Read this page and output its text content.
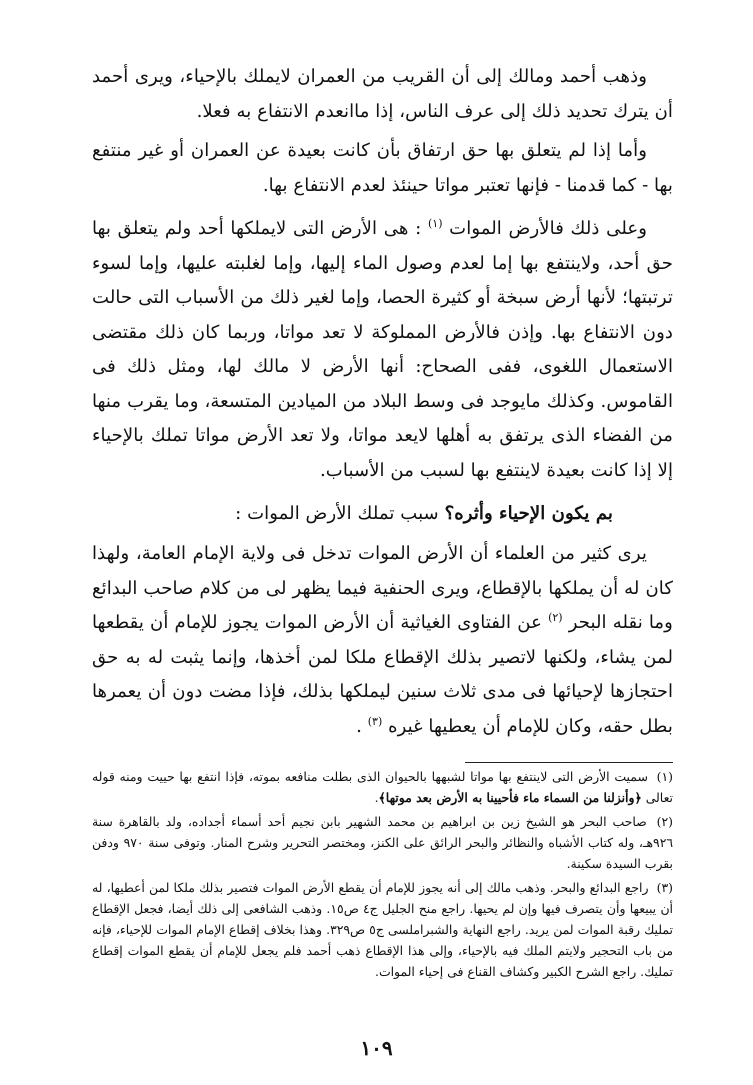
وذهب أحمد ومالك إلى أن القريب من العمران لايملك بالإحياء، ويرى أحمد أن يترك تحديد ذلك إلى عرف الناس، إذا ماانعدم الانتفاع به فعلا.

وأما إذا لم يتعلق بها حق ارتفاق بأن كانت بعيدة عن العمران أو غير منتفع بها - كما قدمنا - فإنها تعتبر مواتا حينئذ لعدم الانتفاع بها.

وعلى ذلك فالأرض الموات $^{(١)}$ : هى الأرض التى لايملكها أحد ولم يتعلق بها حق أحد، ولاينتفع بها إما لعدم وصول الماء إليها، وإما لغلبته عليها، وإما لسوء ترتبتها؛ لأنها أرض سبخة أو كثيرة الحصا، وإما لغير ذلك من الأسباب التى حالت دون الانتفاع بها. وإذن فالأرض المملوكة لا تعد مواتا، وربما كان ذلك مقتضى الاستعمال اللغوى، ففى الصحاح: أنها الأرض لا مالك لها، ومثل ذلك فى القاموس. وكذلك مايوجد فى وسط البلاد من الميادين المتسعة، وما يقرب منها من الفضاء الذى يرتفق به أهلها لايعد مواتا، ولا تعد الأرض مواتا تملك بالإحياء إلا إذا كانت بعيدة لاينتفع بها لسبب من الأسباب.

بم يكون الإحياء وأثره؟ سبب تملك الأرض الموات :

يرى كثير من العلماء أن الأرض الموات تدخل فى ولاية الإمام العامة، ولهذا كان له أن يملكها بالإقطاع، ويرى الحنفية فيما يظهر لى من كلام صاحب البدائع وما نقله البحر $^{(٢)}$ عن الفتاوى الغياثية أن الأرض الموات يجوز للإمام أن يقطعها لمن يشاء، ولكنها لاتصير بذلك الإقطاع ملكا لمن أخذها، وإنما يثبت له به حق احتجازها لإحيائها فى مدى ثلاث سنين ليملكها بذلك، فإذا مضت دون أن يعمرها بطل حقه، وكان للإمام أن يعطيها غيره $^{(٣)}$ .

(١) سميت الأرض التى لاينتفع بها مواتا لشبهها بالحيوان الذى بطلت منافعه بموته، فإذا انتفع بها حييت ومنه قوله تعالى ﴿وأنزلنا من السماء ماء فأحيينا به الأرض بعد موتها﴾.

(٢) صاحب البحر هو الشيخ زين بن ابراهيم بن محمد الشهير بابن نجيم أحد أسماء أجداده، ولد بالقاهرة سنة ٩٢٦هـ، وله كتاب الأشباه والنظائر والبحر الرائق على الكنز، ومختصر التحرير وشرح المنار. وتوفى سنة ٩٧٠ ودفن بقرب السيدة سكينة.

(٣) راجع البدائع والبحر. وذهب مالك إلى أنه يجوز للإمام أن يقطع الأرض الموات فتصير بذلك ملكا لمن أعطيها، له أن يبيعها وأن يتصرف فيها وإن لم يحيها. راجع منح الجليل ج٤ ص١٥. وذهب الشافعى إلى ذلك أيضا، فجعل الإقطاع تمليك رقبة الموات لمن يريد. راجع النهاية والشبراملسى ج٥ ص٣٢٩. وهذا بخلاف إقطاع الإمام الموات للإحياء، فإنه من باب التحجير ولايتم الملك فيه بالإحياء، وإلى هذا الإقطاع ذهب أحمد فلم يجعل للإمام أن يقطع الموات إقطاع تمليك. راجع الشرح الكبير وكشاف القناع فى إحياء الموات.

١٠٩
